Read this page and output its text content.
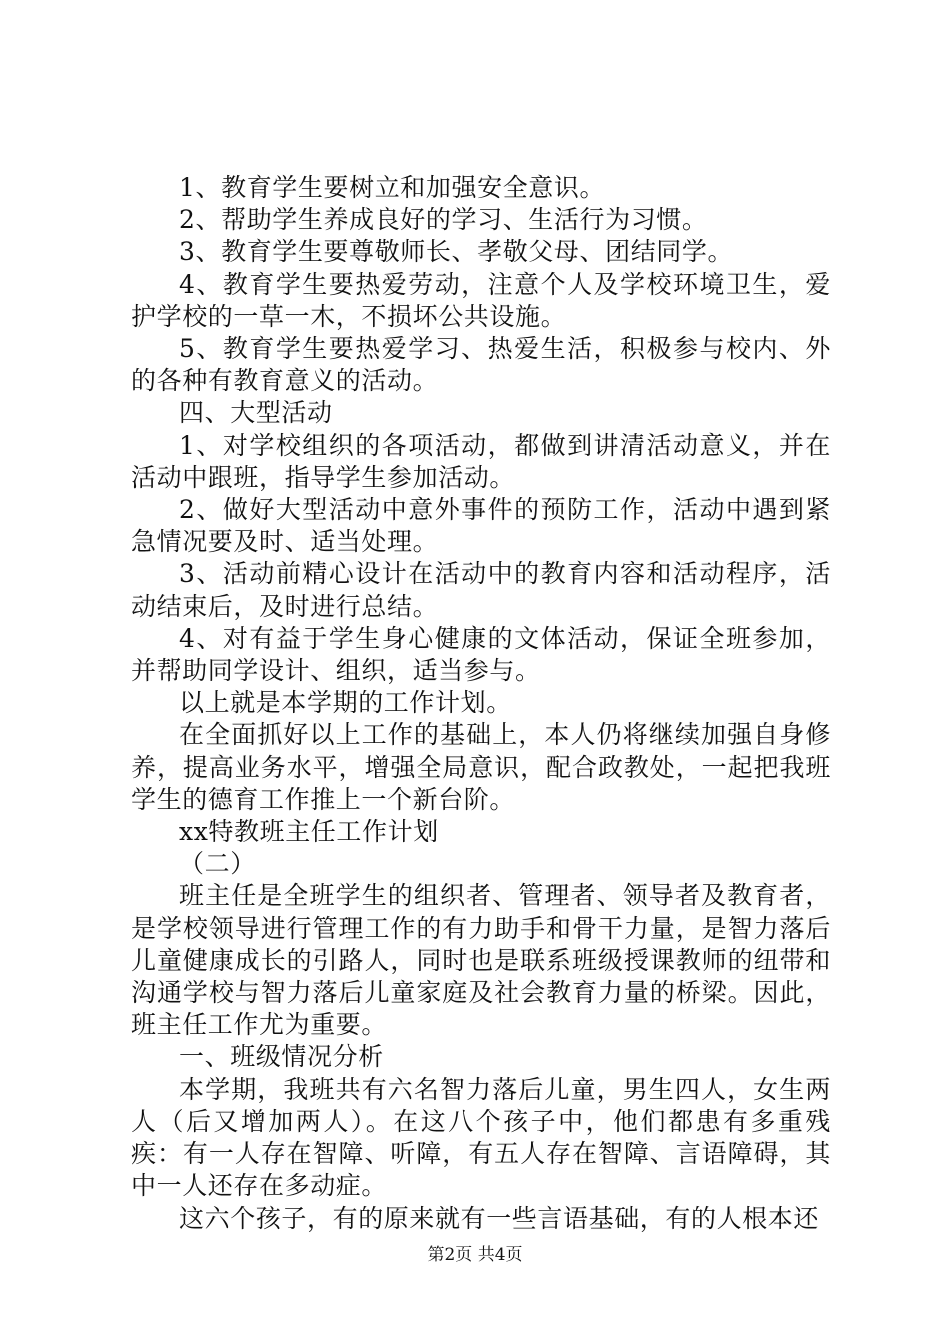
1、教育学生要树立和加强安全意识。

2、帮助学生养成良好的学习、生活行为习惯。

3、教育学生要尊敬师长、孝敬父母、团结同学。

4、教育学生要热爱劳动，注意个人及学校环境卫生，爱护学校的一草一木，不损坏公共设施。

5、教育学生要热爱学习、热爱生活，积极参与校内、外的各种有教育意义的活动。

四、大型活动

1、对学校组织的各项活动，都做到讲清活动意义，并在活动中跟班，指导学生参加活动。

2、做好大型活动中意外事件的预防工作，活动中遇到紧急情况要及时、适当处理。

3、活动前精心设计在活动中的教育内容和活动程序，活动结束后，及时进行总结。

4、对有益于学生身心健康的文体活动，保证全班参加，并帮助同学设计、组织，适当参与。

以上就是本学期的工作计划。

在全面抓好以上工作的基础上，本人仍将继续加强自身修养，提高业务水平，增强全局意识，配合政教处，一起把我班学生的德育工作推上一个新台阶。

xx特教班主任工作计划

（二）

班主任是全班学生的组织者、管理者、领导者及教育者，是学校领导进行管理工作的有力助手和骨干力量，是智力落后儿童健康成长的引路人，同时也是联系班级授课教师的纽带和沟通学校与智力落后儿童家庭及社会教育力量的桥梁。因此，班主任工作尤为重要。

一、班级情况分析

本学期，我班共有六名智力落后儿童，男生四人，女生两人（后又增加两人）。在这八个孩子中，他们都患有多重残疾：有一人存在智障、听障，有五人存在智障、言语障碍，其中一人还存在多动症。

这六个孩子，有的原来就有一些言语基础，有的人根本还

第2页 共4页
